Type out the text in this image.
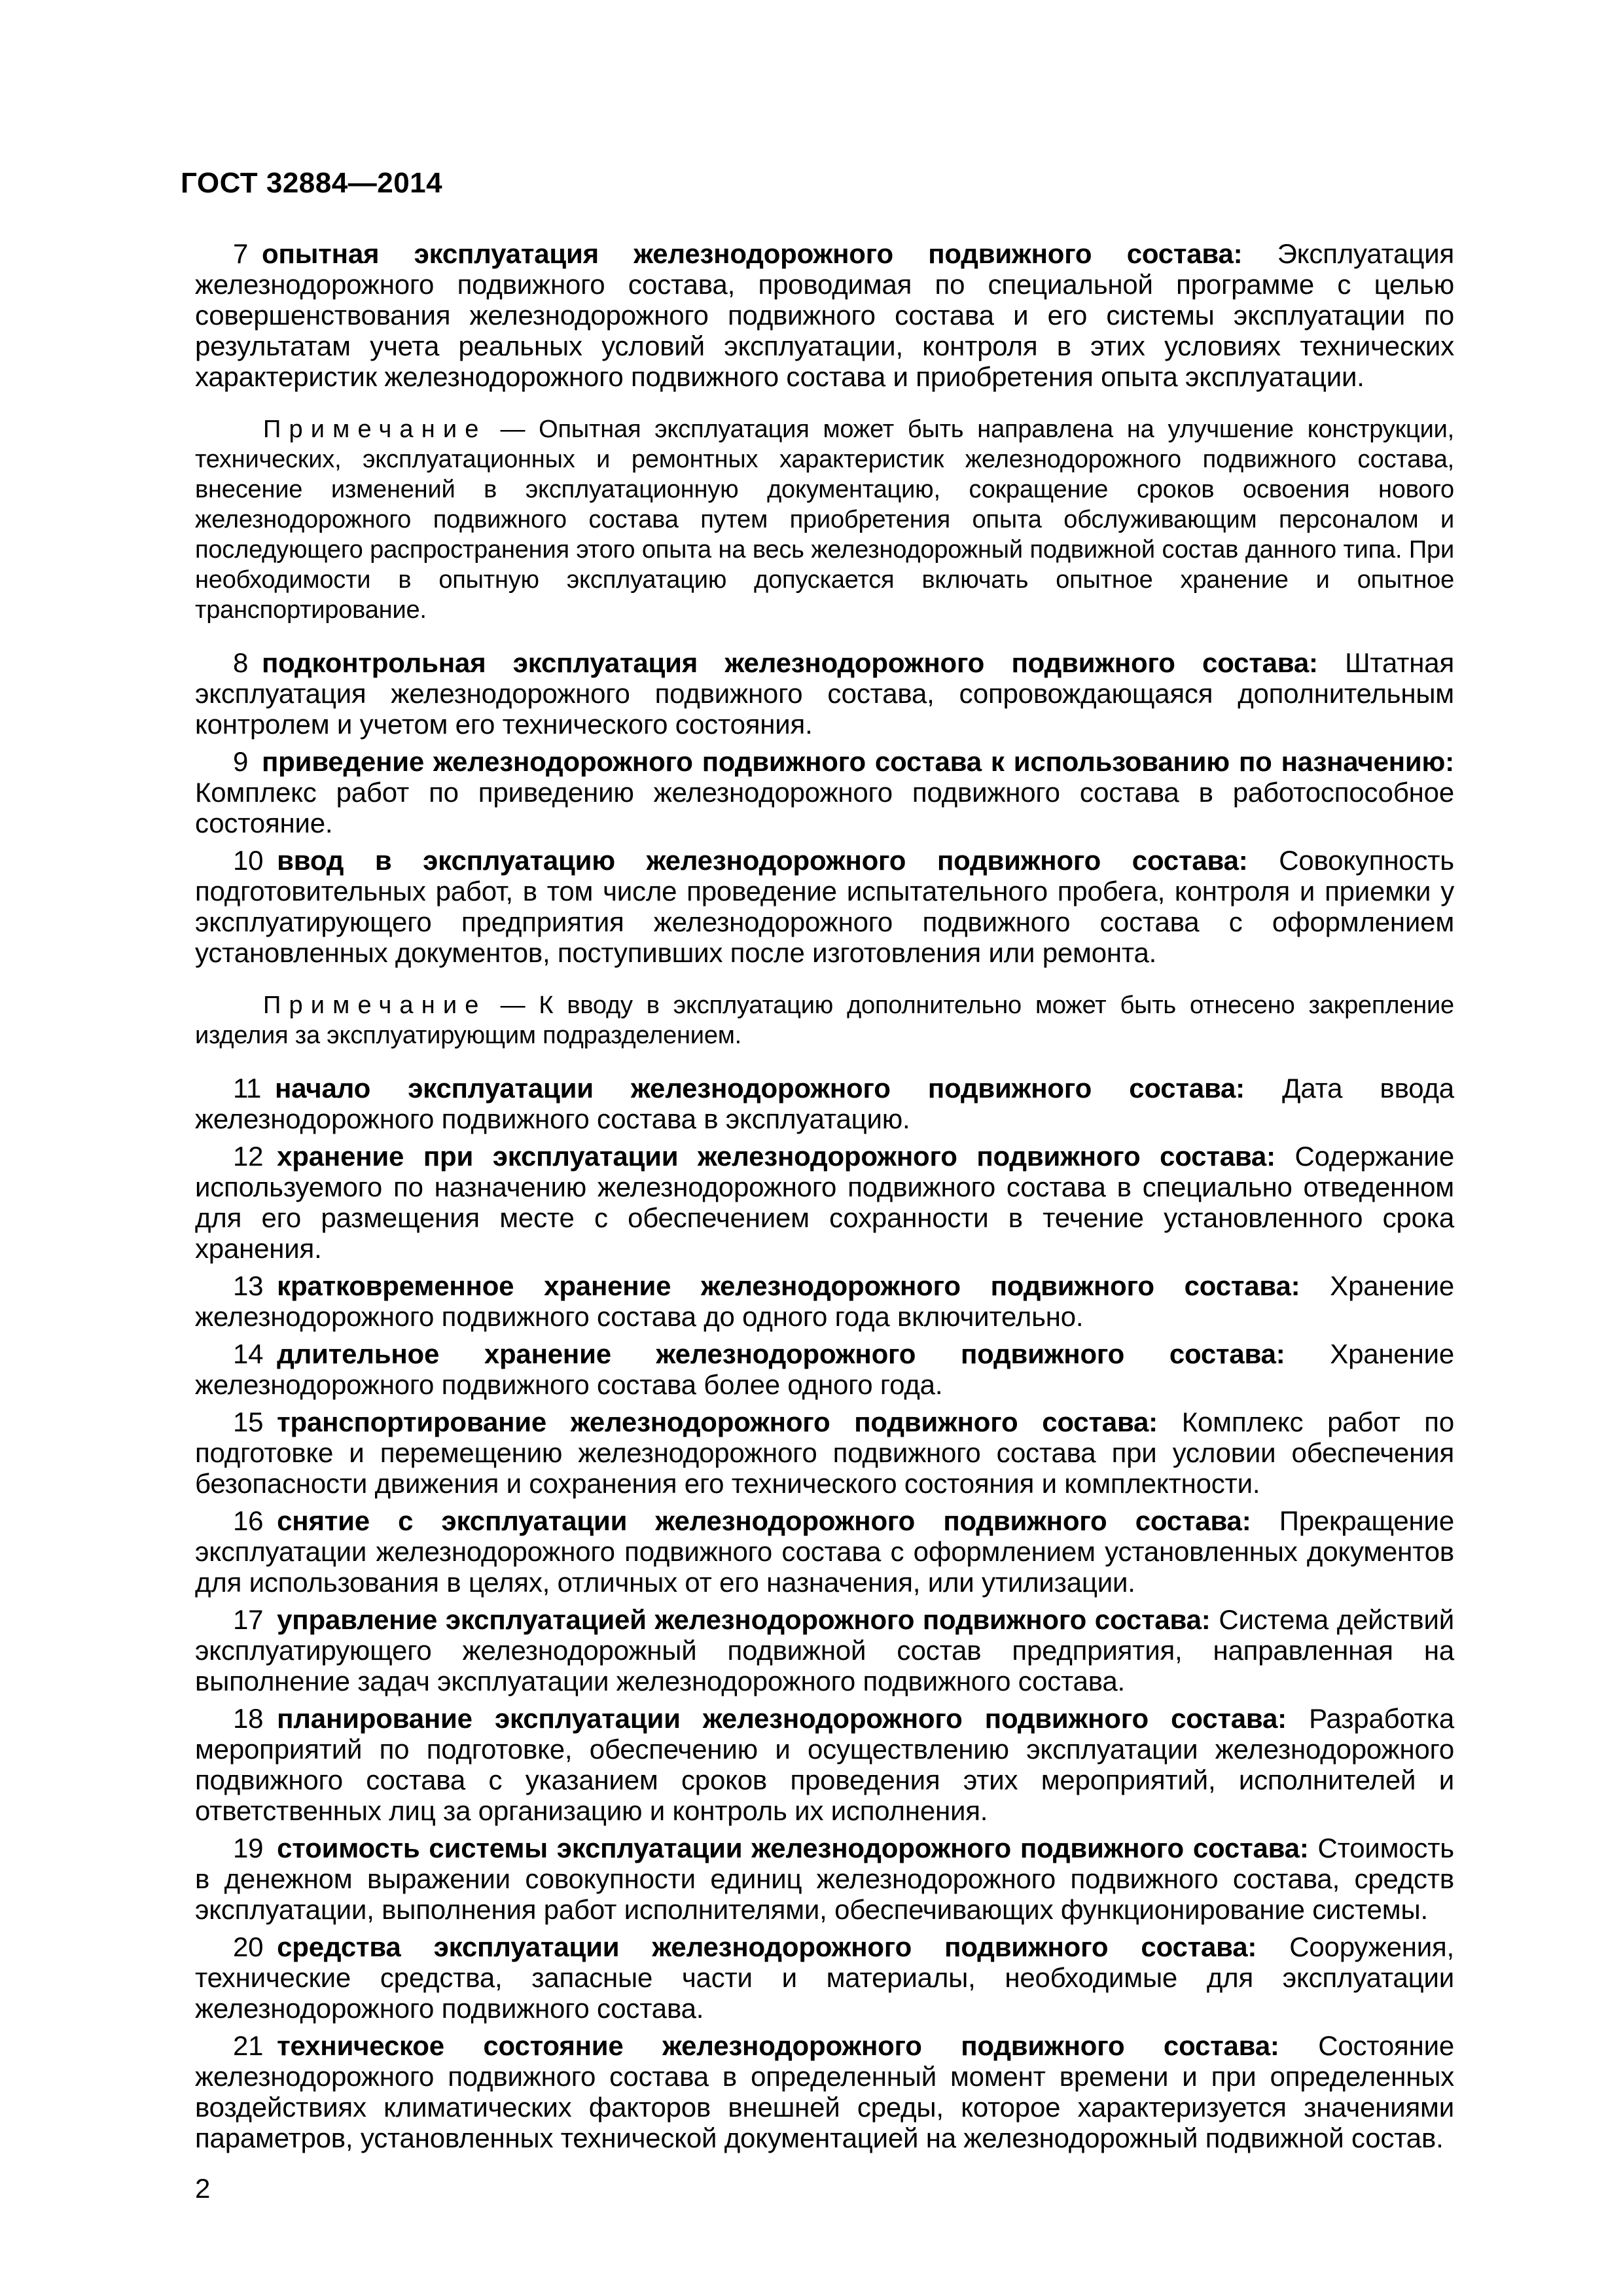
ГОСТ 32884—2014

7  опытная эксплуатация железнодорожного подвижного состава: Эксплуатация железнодорожного подвижного состава, проводимая по специальной программе с целью совершенствования железнодорожного подвижного состава и его системы эксплуатации по результатам учета реальных условий эксплуатации, контроля в этих условиях технических характеристик железнодорожного подвижного состава и приобретения опыта эксплуатации.

Примечание — Опытная эксплуатация может быть направлена на улучшение конструкции, технических, эксплуатационных и ремонтных характеристик железнодорожного подвижного состава, внесение изменений в эксплуатационную документацию, сокращение сроков освоения нового железнодорожного подвижного состава путем приобретения опыта обслуживающим персоналом и последующего распространения этого опыта на весь железнодорожный подвижной состав данного типа. При необходимости в опытную эксплуатацию допускается включать опытное хранение и опытное транспортирование.

8  подконтрольная эксплуатация железнодорожного подвижного состава: Штатная эксплуатация железнодорожного подвижного состава, сопровождающаяся дополнительным контролем и учетом его технического состояния.

9  приведение железнодорожного подвижного состава к использованию по назначению: Комплекс работ по приведению железнодорожного подвижного состава в работоспособное состояние.

10  ввод в эксплуатацию железнодорожного подвижного состава: Совокупность подготовительных работ, в том числе проведение испытательного пробега, контроля и приемки у эксплуатирующего предприятия железнодорожного подвижного состава с оформлением установленных документов, поступивших после изготовления или ремонта.

Примечание — К вводу в эксплуатацию дополнительно может быть отнесено закрепление изделия за эксплуатирующим подразделением.

11  начало эксплуатации железнодорожного подвижного состава: Дата ввода железнодорожного подвижного состава в эксплуатацию.

12  хранение при эксплуатации железнодорожного подвижного состава: Содержание используемого по назначению железнодорожного подвижного состава в специально отведенном для его размещения месте с обеспечением сохранности в течение установленного срока хранения.

13  кратковременное хранение железнодорожного подвижного состава: Хранение железнодорожного подвижного состава до одного года включительно.

14  длительное хранение железнодорожного подвижного состава: Хранение железнодорожного подвижного состава более одного года.

15  транспортирование железнодорожного подвижного состава: Комплекс работ по подготовке и перемещению железнодорожного подвижного состава при условии обеспечения безопасности движения и сохранения его технического состояния и комплектности.

16  снятие с эксплуатации железнодорожного подвижного состава: Прекращение эксплуатации железнодорожного подвижного состава с оформлением установленных документов для использования в целях, отличных от его назначения, или утилизации.

17  управление эксплуатацией железнодорожного подвижного состава: Система действий эксплуатирующего железнодорожный подвижной состав предприятия, направленная на выполнение задач эксплуатации железнодорожного подвижного состава.

18  планирование эксплуатации железнодорожного подвижного состава: Разработка мероприятий по подготовке, обеспечению и осуществлению эксплуатации железнодорожного подвижного состава с указанием сроков проведения этих мероприятий, исполнителей и ответственных лиц за организацию и контроль их исполнения.

19  стоимость системы эксплуатации железнодорожного подвижного состава: Стоимость в денежном выражении совокупности единиц железнодорожного подвижного состава, средств эксплуатации, выполнения работ исполнителями, обеспечивающих функционирование системы.

20  средства эксплуатации железнодорожного подвижного состава: Сооружения, технические средства, запасные части и материалы, необходимые для эксплуатации железнодорожного подвижного состава.

21  техническое состояние железнодорожного подвижного состава: Состояние железнодорожного подвижного состава в определенный момент времени и при определенных воздействиях климатических факторов внешней среды, которое характеризуется значениями параметров, установленных технической документацией на железнодорожный подвижной состав.

2
